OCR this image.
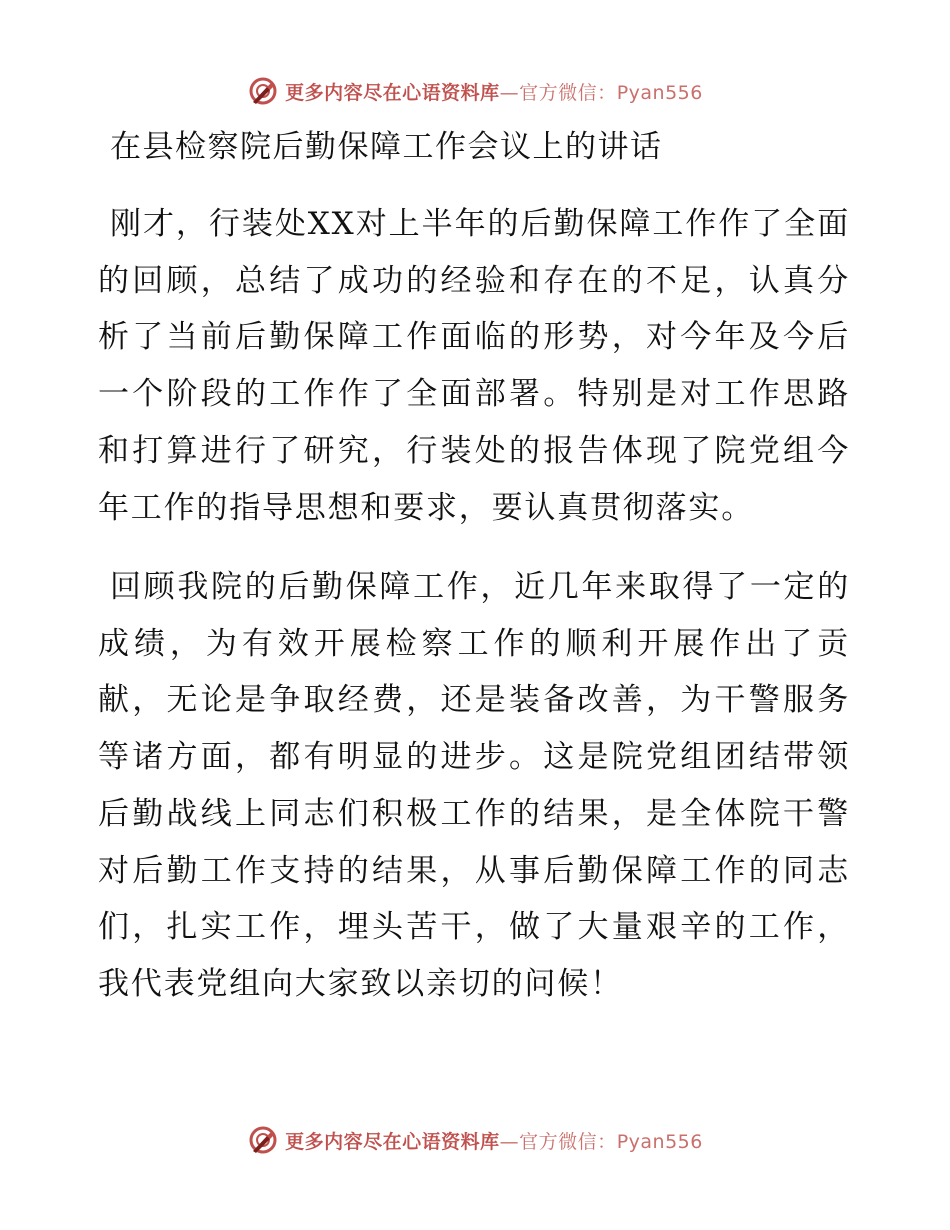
更多内容尽在心语资料库—官方微信：Pyan556
在县检察院后勤保障工作会议上的讲话

刚才，行装处XX对上半年的后勤保障工作作了全面的回顾，总结了成功的经验和存在的不足，认真分析了当前后勤保障工作面临的形势，对今年及今后一个阶段的工作作了全面部署。特别是对工作思路和打算进行了研究，行装处的报告体现了院党组今年工作的指导思想和要求，要认真贯彻落实。

回顾我院的后勤保障工作，近几年来取得了一定的成绩，为有效开展检察工作的顺利开展作出了贡献，无论是争取经费，还是装备改善，为干警服务等诸方面，都有明显的进步。这是院党组团结带领后勤战线上同志们积极工作的结果，是全体院干警对后勤工作支持的结果，从事后勤保障工作的同志们，扎实工作，埋头苦干，做了大量艰辛的工作，我代表党组向大家致以亲切的问候！

更多内容尽在心语资料库—官方微信：Pyan556
